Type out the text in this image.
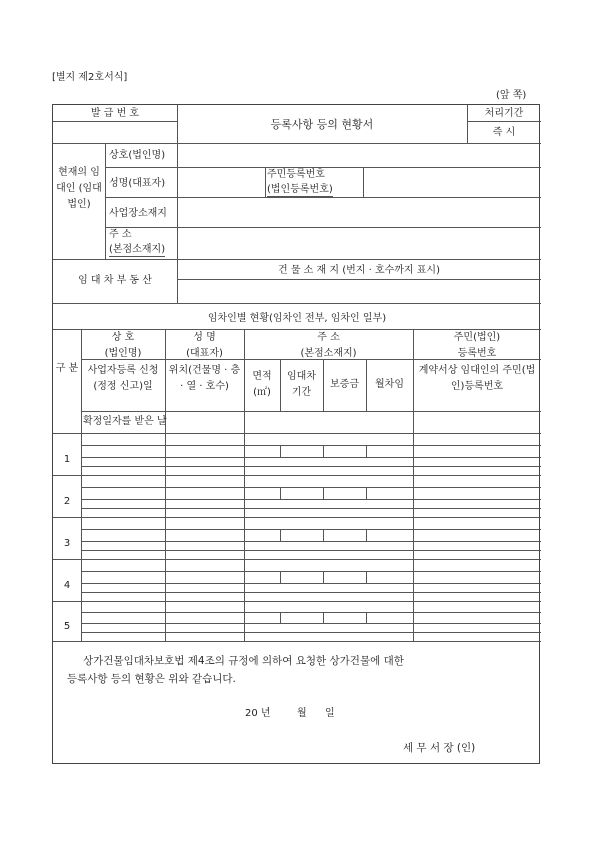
[별지 제2호서식]
(앞 쪽)
발 급 번 호
등록사항 등의 현황서
처리기간
즉 시
현재의 임대인 (임대 법인)
상호(법인명)
성명(대표자)
주민등록번호
(법인등록번호)
사업장소재지
주 소
(본점소재지)
임 대 차 부 동 산
건 물 소 재 지 (번지 · 호수까지 표시)
임차인별 현황(임차인 전부, 임차인 일부)
구 분
상 호
(법인명)
성 명
(대표자)
주 소
(본점소재지)
주민(법인)
등록번호
사업자등록 신청(정정 신고)일
위치(건물명 · 층 · 열 · 호수)
면적
(㎡)
임대차
기간
보증금	월차임
계약서상 임대인의 주민(법인)등록번호
확정일자를 받은 날
1
2
3
4
5
상가건물임대차보호법 제4조의 규정에 의하여 요청한 상가건물에 대한
등록사항 등의 현황은 위와 같습니다.
20 년	월 일
세 무 서 장 (인)
